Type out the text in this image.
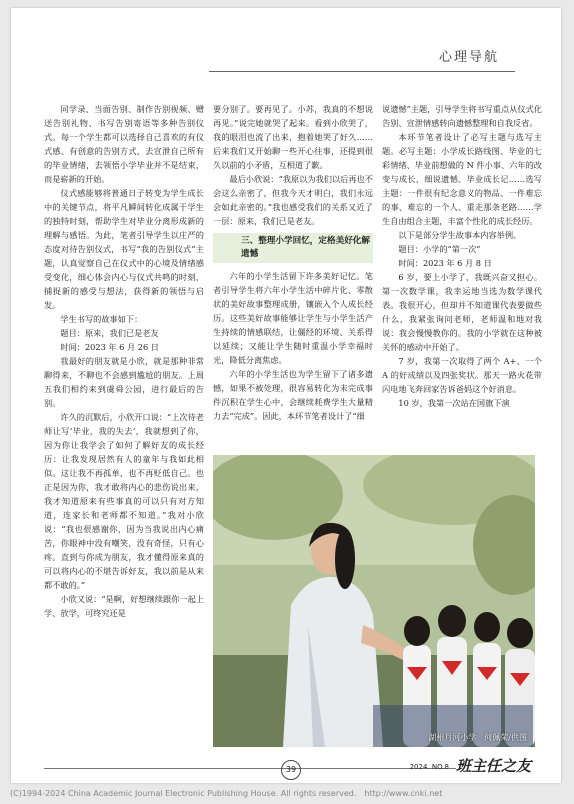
心理导航

同学录、当面告别、制作告别视频、赠送告别礼物、书写告别寄语等多种告别仪式。每一个学生都可以选择自己喜欢的有仪式感、有创意的告别方式，去宣泄自己所有的毕业情绪，去领悟小学毕业并不是结束，而是崭新的开始。

仪式感能够将普通日子转变为学生成长中的关键节点，将平凡瞬间转化成属于学生的独特时刻，帮助学生对毕业分离形成新的理解与感悟。为此，笔者引导学生以庄严的态度对待告别仪式，书写“我的告别仪式”主题，认真觉察自己在仪式中的心境及情绪感受变化，细心体会内心与仪式共鸣的时刻，捕捉新的感受与想法，获得新的领悟与启发。

学生书写的故事如下：

题目：原来，我们已是老友

时间：2023 年 6 月 26 日

我最好的朋友就是小欣，就是那种非常聊得来，不聊也不会感到尴尬的朋友。上周五我们相约来到虞舜公园，进行最后的告别。

许久的沉默后，小欣开口说：“上次待老师让写‘毕业，我的失去’，我就想到了你，因为你让我学会了如何了解好友的成长经历：让我发现居然有人的童年与我如此相似。这让我不再孤单，也不再贬低自己。也正是因为你，我才敢将内心的悲伤说出来，我才知道原来有些事真的可以只有对方知道，连家长和老师都不知道。”我对小欣说：“我也很感谢你，因为当我说出内心痛苦，你眼神中没有嘲笑，没有奇怪，只有心疼。直到与你成为朋友，我才懂得原来真的可以将内心的不堪告诉好友，我以前是从来都不敢的。”

小欣又说：“是啊，好想继续跟你一起上学、放学，可终究还是

要分别了。要再见了。小苏，我真的不想说再见。”说完她就哭了起来。看到小欣哭了，我的眼泪也流了出来，抱着她哭了好久……后来我们又开始聊一些开心往事，还提到很久以前的小矛盾，互相道了歉。

最后小欣说：“我原以为我们以后再也不会这么亲密了，但我今天才明白，我们永远会如此亲密的。”我也感受我们的关系又近了一层：原来，我们已是老友。

三、整理小学回忆，定格美好化解遗憾

六年的小学生活留下许多美好记忆。笔者引导学生将六年小学生活中碎片化、零散状的美好故事整理成册，镶嵌入个人成长经历。这些美好故事能够让学生与小学生活产生持续的情感联结，让僵经的环境、关系得以延续；又能让学生随时重温小学幸福时光，降低分离焦虑。

六年的小学生活也为学生留下了诸多遗憾，如果不被处理，很容易转化为未完成事件沉积在学生心中，会继续耗费学生大量精力去“完成”。因此，本环节笔者设计了“细

说遗憾”主题，引导学生将书写重点从仪式化告别、宣泄情感转向遗憾整理和自我反省。

本环节笔者设计了必写主题与选写主题。必写主题：小学成长路线图、毕业的七彩情绪、毕业前想做的 N 件小事、六年的改变与成长、细说遗憾、毕业成长记……选写主题：一件很有纪念意义的物品、一件难忘的事、难忘的一个人、重走那条老路……学生自由组合主题，丰富个性化的成长经历。

以下是部分学生故事本内容举例。

题目：小学的“第一次”

时间：2023 年 6 月 8 日

6 岁，要上小学了，我既兴奋又担心。第一次数学课，我幸运地当选为数学课代表。我很开心，但却并不知道课代表要做些什么，我紧张询问老师，老师温和地对我说：我会慢慢教你的。我的小学就在这种被关怀的感动中开始了。

7 岁，我第一次取得了两个 A+、一个 A 的好成绩以及四张奖状。那天一路火花带闪电地飞奔回家告诉爸妈这个好消息。

10 岁，我第一次站在国旗下演

湖州月河小学　何佩荣/供图
39	2024. NO.8 班主任之友
(C)1994-2024 China Academic Journal Electronic Publishing House. All rights reserved.　http://www.cnki.net
